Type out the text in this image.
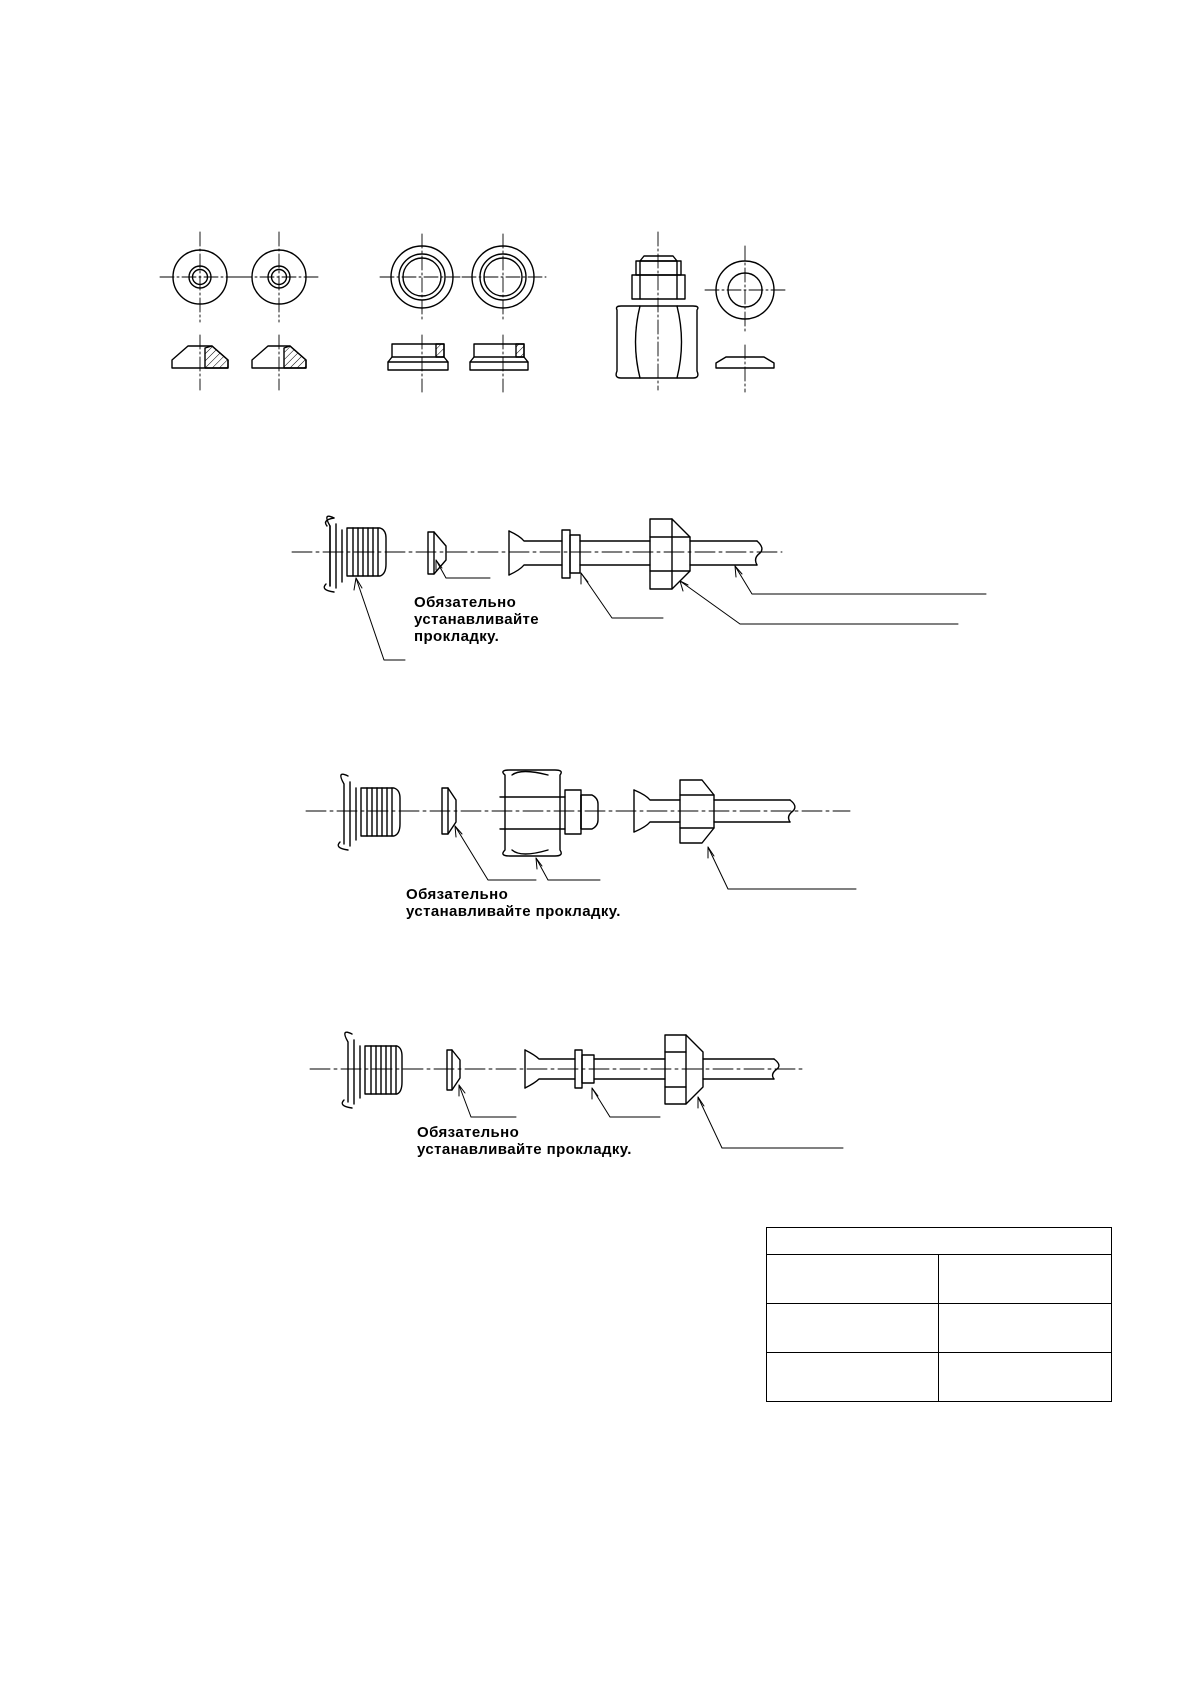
Обязательно
устанавливайте
прокладку.
Обязательно
устанавливайте прокладку.
Обязательно
устанавливайте прокладку.
